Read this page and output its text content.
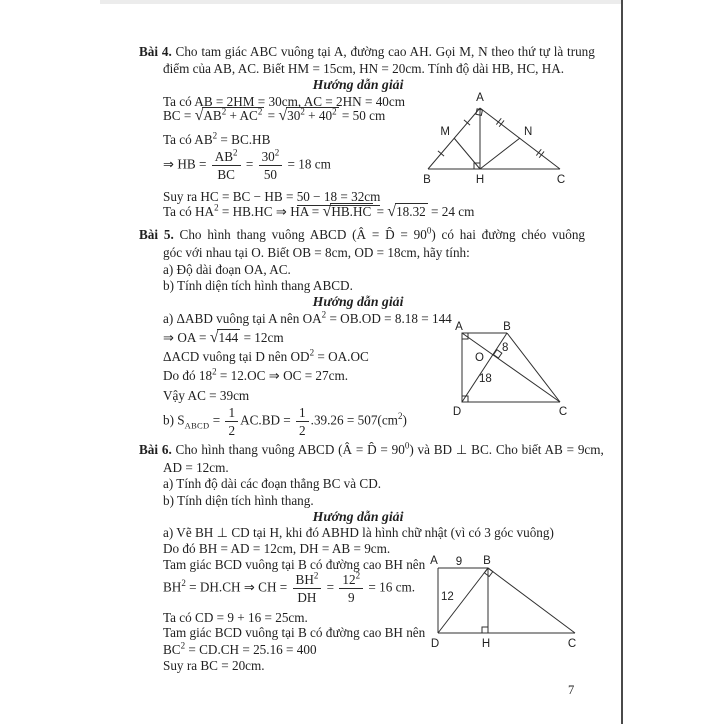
Bài 4. Cho tam giác ABC vuông tại A, đường cao AH. Gọi M, N theo thứ tự là trung
điểm của AB, AC. Biết HM = 15cm, HN = 20cm. Tính độ dài HB, HC, HA.
Hướng dẫn giải
Ta có AB = 2HM = 30cm, AC = 2HN = 40cm
BC = $√AB^2 + AC^2 = √30^2 + 40^2 = 50$ cm
Ta có $AB^2 = BC.HB$
⇒ HB = $\frac{AB^2}{BC} = \frac{30^2}{50} = 18$ cm
Suy ra HC = BC − HB = 50 − 18 = 32cm
Ta có $HA^2 = HB.HC$ ⇒ HA = √HB.HC = √18.32 = 24 cm
A
B	C
H
M	N
Bài 5. Cho hình thang vuông ABCD (Â = D̂ = $90^0$) có hai đường chéo vuông
góc với nhau tại O. Biết OB = 8cm, OD = 18cm, hãy tính:
a) Độ dài đoạn OA, AC.
b) Tính diện tích hình thang ABCD.
Hướng dẫn giải
a) ΔABD vuông tại A nên $OA^2 = OB.OD = 8.18 = 144$
⇒ OA = √144 = 12cm
ΔACD vuông tại D nên $OD^2 = OA.OC$
Do đó $18^2 = 12.OC$ ⇒ OC = 27cm.
Vậy AC = 39cm
b) $S_{ABCD} = \frac{1}{2} AC.BD = \frac{1}{2} .39.26 = 507(cm^2)$
A	B
C
D
O
8
18
Bài 6. Cho hình thang vuông ABCD (Â = D̂ = $90^0$) và BD ⊥ BC. Cho biết AB = 9cm,
AD = 12cm.
a) Tính độ dài các đoạn thẳng BC và CD.
b) Tính diện tích hình thang.
Hướng dẫn giải
a) Vẽ BH ⊥ CD tại H, khi đó ABHD là hình chữ nhật (vì có 3 góc vuông)
Do đó BH = AD = 12cm, DH = AB = 9cm.
Tam giác BCD vuông tại B có đường cao BH nên
$BH^2 = DH.CH$ ⇒ CH = $\frac{BH^2}{DH} = \frac{12^2}{9} = 16$ cm.
Ta có CD = 9 + 16 = 25cm.
Tam giác BCD vuông tại B có đường cao BH nên
$BC^2 = CD.CH = 25.16 = 400$
Suy ra BC = 20cm.
A	B
C
D	H
9
12
7
